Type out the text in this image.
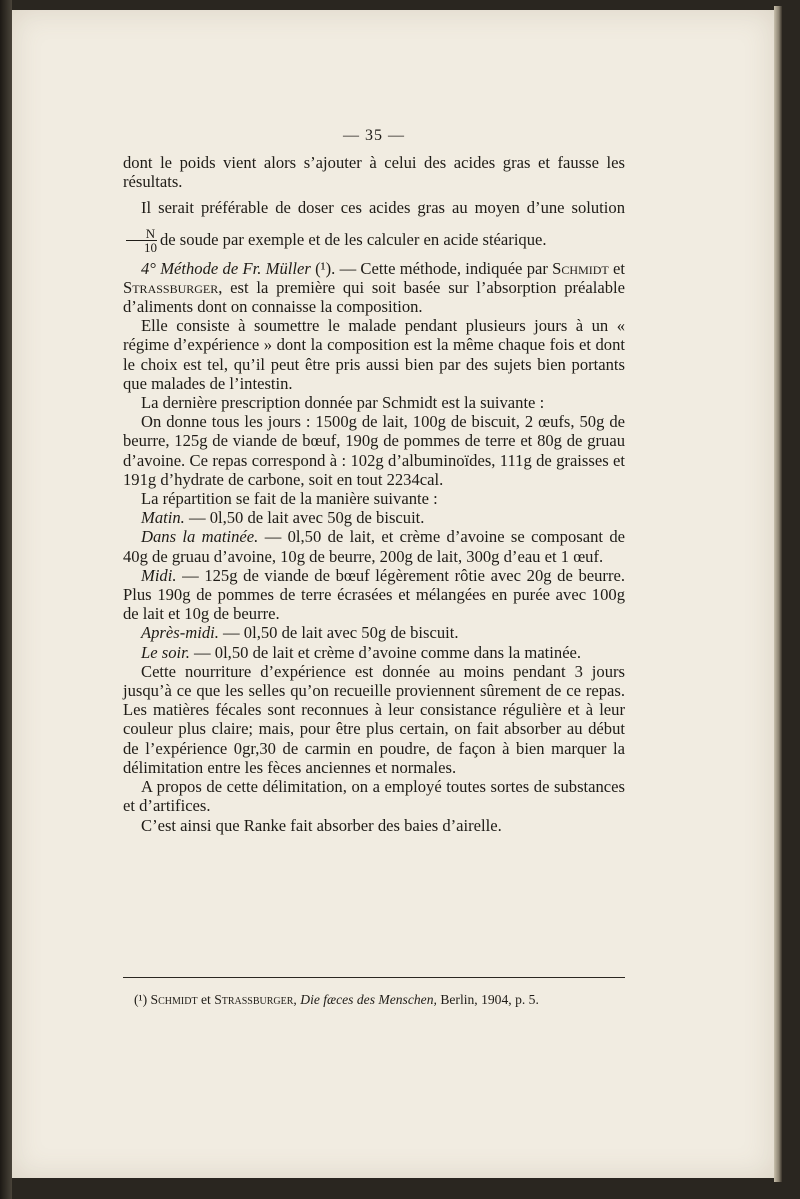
— 35 —

dont le poids vient alors s’ajouter à celui des acides gras et fausse les résultats.

Il serait préférable de doser ces acides gras au moyen d’une solution
$\frac{N}{10}$ de soude par exemple et de les calculer en acide stéarique.

4° Méthode de Fr. Müller (¹). — Cette méthode, indiquée par Schmidt et Strassburger, est la première qui soit basée sur l’absorption préalable d’aliments dont on connaisse la composition.

Elle consiste à soumettre le malade pendant plusieurs jours à un « régime d’expérience » dont la composition est la même chaque fois et dont le choix est tel, qu’il peut être pris aussi bien par des sujets bien portants que malades de l’intestin.

La dernière prescription donnée par Schmidt est la suivante :

On donne tous les jours : 1500g de lait, 100g de biscuit, 2 œufs, 50g de beurre, 125g de viande de bœuf, 190g de pommes de terre et 80g de gruau d’avoine. Ce repas correspond à : 102g d’albuminoïdes, 111g de graisses et 191g d’hydrate de carbone, soit en tout 2234cal.

La répartition se fait de la manière suivante :

Matin. — 0l,50 de lait avec 50g de biscuit.

Dans la matinée. — 0l,50 de lait, et crème d’avoine se composant de 40g de gruau d’avoine, 10g de beurre, 200g de lait, 300g d’eau et 1 œuf.

Midi. — 125g de viande de bœuf légèrement rôtie avec 20g de beurre. Plus 190g de pommes de terre écrasées et mélangées en purée avec 100g de lait et 10g de beurre.

Après-midi. — 0l,50 de lait avec 50g de biscuit.

Le soir. — 0l,50 de lait et crème d’avoine comme dans la matinée.

Cette nourriture d’expérience est donnée au moins pendant 3 jours jusqu’à ce que les selles qu’on recueille proviennent sûrement de ce repas. Les matières fécales sont reconnues à leur consistance régulière et à leur couleur plus claire; mais, pour être plus certain, on fait absorber au début de l’expérience 0gr,30 de carmin en poudre, de façon à bien marquer la délimitation entre les fèces anciennes et normales.

A propos de cette délimitation, on a employé toutes sortes de substances et d’artifices.

C’est ainsi que Ranke fait absorber des baies d’airelle.

(¹) Schmidt et Strassburger, Die fæces des Menschen, Berlin, 1904, p. 5.
